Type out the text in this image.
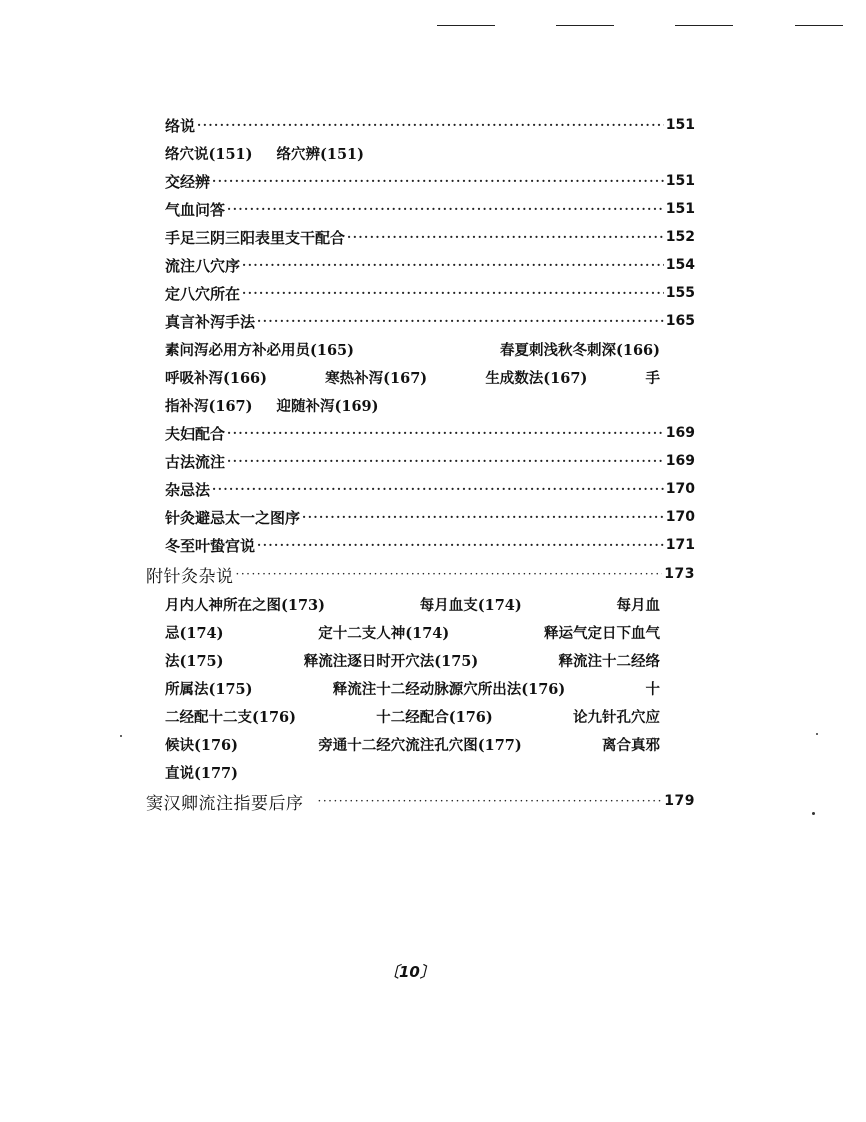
络说 ·····	151
络穴说(151) 络穴辨(151)
交经辨 ·····	151
气血问答 ·····	151
手足三阴三阳表里支干配合 ·····	152
流注八穴序 ·····	154
定八穴所在 ·····	155
真言补泻手法 ·····	165
素问泻必用方补必用员(165)	春夏刺浅秋冬刺深(166)
呼吸补泻(166)	寒热补泻(167)	生成数法(167)	手
指补泻(167) 迎随补泻(169)
夫妇配合 ·····	169
古法流注 ·····	169
杂忌法 ·····	170
针灸避忌太一之图序 ·····	170
冬至叶蛰宫说 ·····	171
附针灸杂说 ·····	173
月内人神所在之图(173)	每月血支(174)	每月血
忌(174)	定十二支人神(174)	释运气定日下血气
法(175)	释流注逐日时开穴法(175)	释流注十二经络
所属法(175)	释流注十二经动脉源穴所出法(176)	十
二经配十二支(176)	十二经配合(176)	论九针孔穴应
候诀(176)	旁通十二经穴流注孔穴图(177)	离合真邪
直说(177)
窦汉卿流注指要后序 ·····	179
〔10〕
